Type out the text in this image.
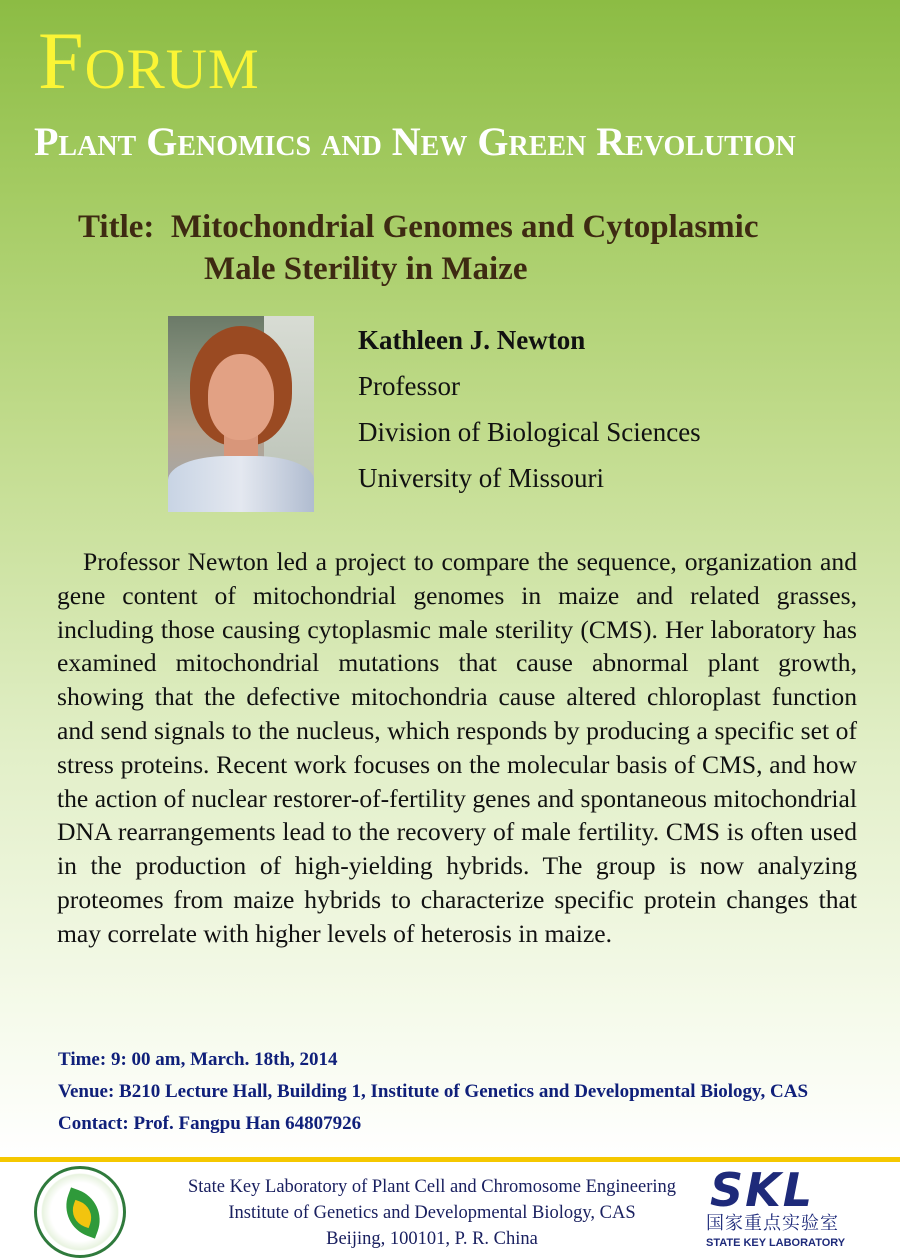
Forum
Plant Genomics and New Green Revolution
Title: Mitochondrial Genomes and Cytoplasmic
Male Sterility in Maize
Kathleen J. Newton
Professor
Division of Biological Sciences
University of Missouri
Professor Newton led a project to compare the sequence, organization and gene content of mitochondrial genomes in maize and related grasses, including those causing cytoplasmic male sterility (CMS). Her laboratory has examined mitochondrial mutations that cause abnormal plant growth, showing that the defective mitochondria cause altered chloroplast function and send signals to the nucleus, which responds by producing a specific set of stress proteins. Recent work focuses on the molecular basis of CMS, and how the action of nuclear restorer-of-fertility genes and spontaneous mitochondrial DNA rearrangements lead to the recovery of male fertility. CMS is often used in the production of high-yielding hybrids. The group is now analyzing proteomes from maize hybrids to characterize specific protein changes that may correlate with higher levels of heterosis in maize.
Time: 9: 00 am, March. 18th, 2014
Venue: B210 Lecture Hall, Building 1, Institute of Genetics and Developmental Biology, CAS
Contact: Prof. Fangpu Han 64807926
State Key Laboratory of Plant Cell and Chromosome Engineering
Institute of Genetics and Developmental Biology, CAS
Beijing, 100101, P. R. China
SKL
国家重点实验室
STATE KEY LABORATORY
